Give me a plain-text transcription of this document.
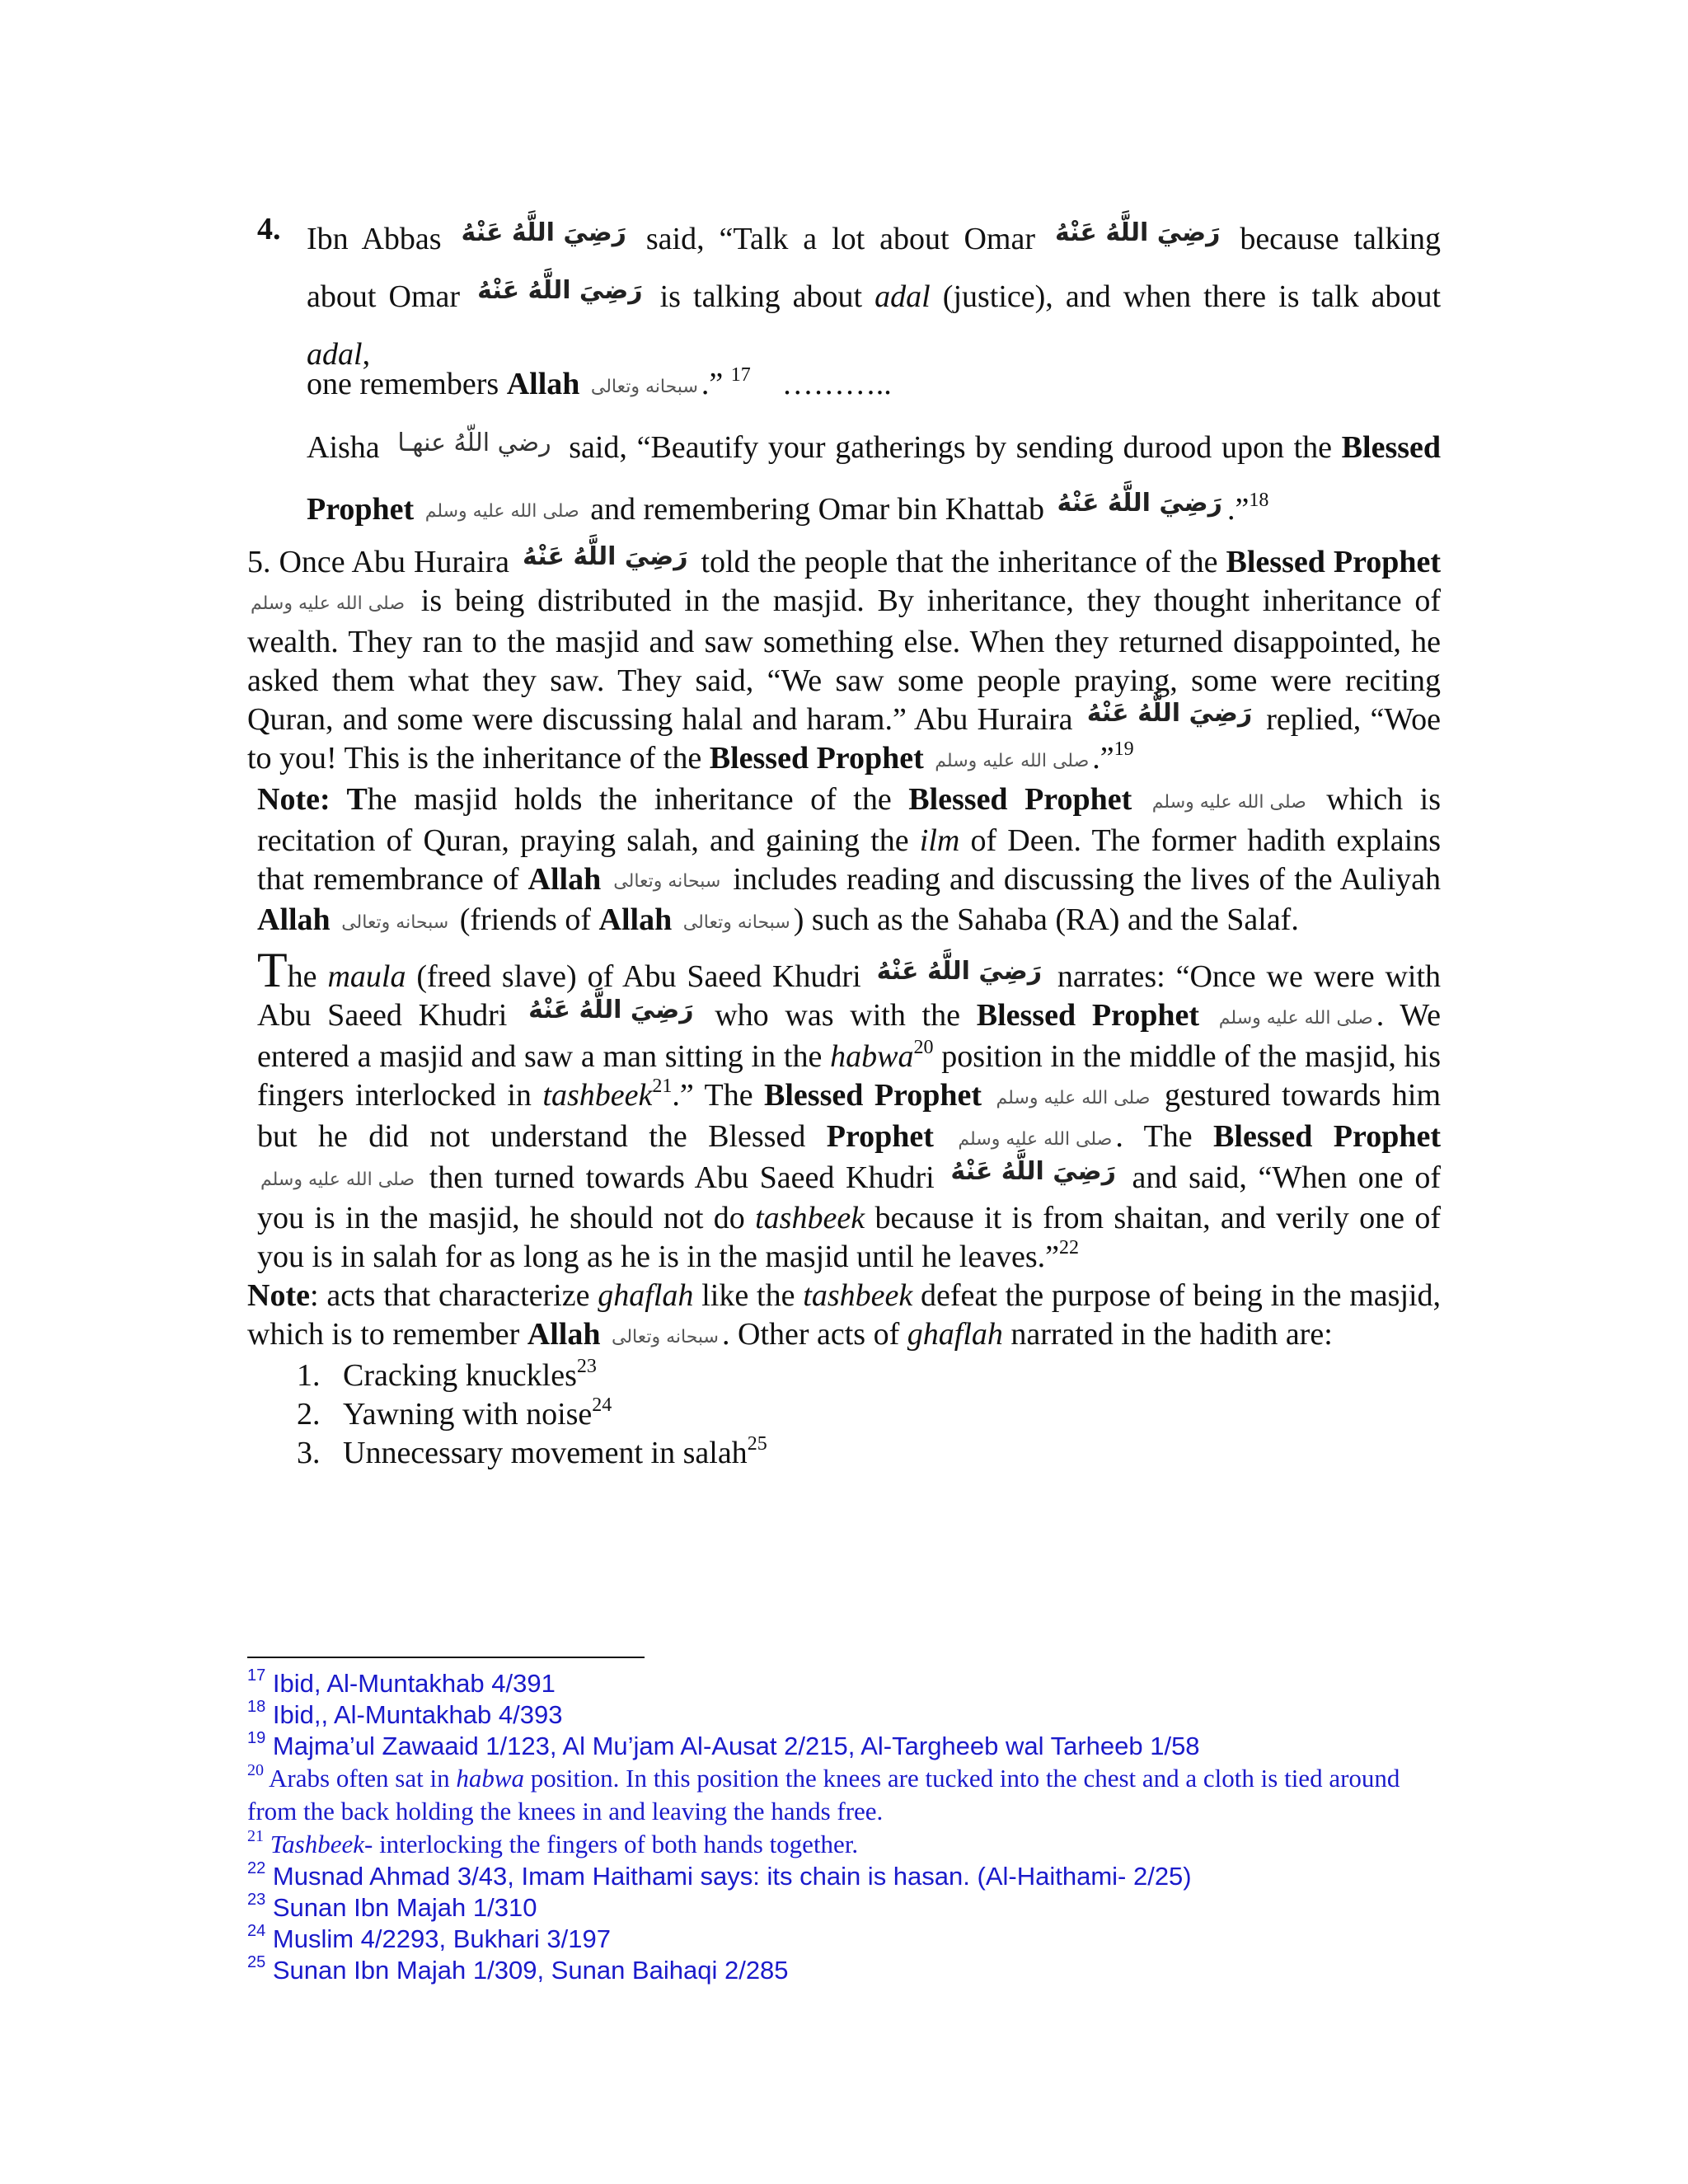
4. Ibn Abbas رَضِيَ اللَّهُ عَنْهُ said, “Talk a lot about Omar رَضِيَ اللَّهُ عَنْهُ because talking about Omar رَضِيَ اللَّهُ عَنْهُ is talking about adal (justice), and when there is talk about adal,

one remembers Allah سبحانه وتعالى .” $^{17}$ ………..

Aisha رضي اللّهُ عنهـا said, “Beautify your gatherings by sending durood upon the Blessed Prophet صلى الله عليه وسلم and remembering Omar bin Khattab رَضِيَ اللَّهُ عَنْهُ .”$^{18}$

5. Once Abu Huraira رَضِيَ اللَّهُ عَنْهُ told the people that the inheritance of the Blessed Prophet صلى الله عليه وسلم is being distributed in the masjid. By inheritance, they thought inheritance of wealth. They ran to the masjid and saw something else. When they returned disappointed, he asked them what they saw. They said, “We saw some people praying, some were reciting Quran, and some were discussing halal and haram.” Abu Huraira رَضِيَ اللَّهُ عَنْهُ replied, “Woe to you! This is the inheritance of the Blessed Prophet صلى الله عليه وسلم .”$^{19}$

Note: The masjid holds the inheritance of the Blessed Prophet صلى الله عليه وسلم which is recitation of Quran, praying salah, and gaining the ilm of Deen. The former hadith explains that remembrance of Allah سبحانه وتعالى includes reading and discussing the lives of the Auliyah Allah سبحانه وتعالى (friends of Allah سبحانه وتعالى ) such as the Sahaba (RA) and the Salaf.

The maula (freed slave) of Abu Saeed Khudri رَضِيَ اللَّهُ عَنْهُ narrates: “Once we were with Abu Saeed Khudri رَضِيَ اللَّهُ عَنْهُ who was with the Blessed Prophet صلى الله عليه وسلم . We entered a masjid and saw a man sitting in the habwa$^{20}$ position in the middle of the masjid, his fingers interlocked in tashbeek$^{21}$.” The Blessed Prophet صلى الله عليه وسلم gestured towards him but he did not understand the Blessed Prophet صلى الله عليه وسلم . The Blessed Prophet صلى الله عليه وسلم then turned towards Abu Saeed Khudri رَضِيَ اللَّهُ عَنْهُ and said, “When one of you is in the masjid, he should not do tashbeek because it is from shaitan, and verily one of you is in salah for as long as he is in the masjid until he leaves.”$^{22}$

Note: acts that characterize ghaflah like the tashbeek defeat the purpose of being in the masjid, which is to remember Allah سبحانه وتعالى . Other acts of ghaflah narrated in the hadith are:

1. Cracking knuckles$^{23}$
2. Yawning with noise$^{24}$
3. Unnecessary movement in salah$^{25}$
$^{17}$ Ibid, Al-Muntakhab 4/391
$^{18}$ Ibid,, Al-Muntakhab 4/393
$^{19}$ Majma’ul Zawaaid 1/123, Al Mu’jam Al-Ausat 2/215, Al-Targheeb wal Tarheeb 1/58
$^{20}$ Arabs often sat in habwa position. In this position the knees are tucked into the chest and a cloth is tied around from the back holding the knees in and leaving the hands free.
$^{21}$ Tashbeek- interlocking the fingers of both hands together.
$^{22}$ Musnad Ahmad 3/43, Imam Haithami says: its chain is hasan. (Al-Haithami- 2/25)
$^{23}$ Sunan Ibn Majah 1/310
$^{24}$ Muslim 4/2293, Bukhari 3/197
$^{25}$ Sunan Ibn Majah 1/309, Sunan Baihaqi 2/285
